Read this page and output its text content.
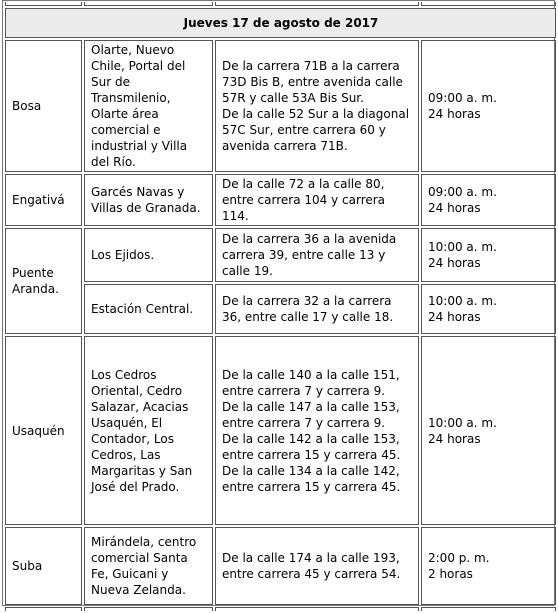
Jueves 17 de agosto de 2017			
Bosa	Olarte, Nuevo Chile, Portal del Sur de Transmilenio, Olarte área comercial e industrial y Villa del Río.	De la carrera 71B a la carrera 73D Bis B, entre avenida calle 57R y calle 53A Bis Sur.
De la calle 52 Sur a la diagonal 57C Sur, entre carrera 60 y avenida carrera 71B.	09:00 a. m.
24 horas

Engativá	Garcés Navas y Villas de Granada.	De la calle 72 a la calle 80, entre carrera 104 y carrera 114.	09:00 a. m.
24 horas

Puente Aranda.	Los Ejidos.	De la carrera 36 a la avenida carrera 39, entre calle 13 y calle 19.	10:00 a. m.
24 horas

	Estación Central.	De la carrera 32 a la carrera 36, entre calle 17 y calle 18.	10:00 a. m.
24 horas

Usaquén	Los Cedros Oriental, Cedro Salazar, Acacias Usaquén, El Contador, Los Cedros, Las Margaritas y San José del Prado.	De la calle 140 a la calle 151, entre carrera 7 y carrera 9.
De la calle 147 a la calle 153, entre carrera 7 y carrera 9.
De la calle 142 a la calle 153, entre carrera 15 y carrera 45.
De la calle 134 a la calle 142, entre carrera 15 y carrera 45.	10:00 a. m.
24 horas

Suba	Mirándela, centro comercial Santa Fe, Guicani y Nueva Zelanda.	De la calle 174 a la calle 193, entre carrera 45 y carrera 54.	2:00 p. m.
2 horas
